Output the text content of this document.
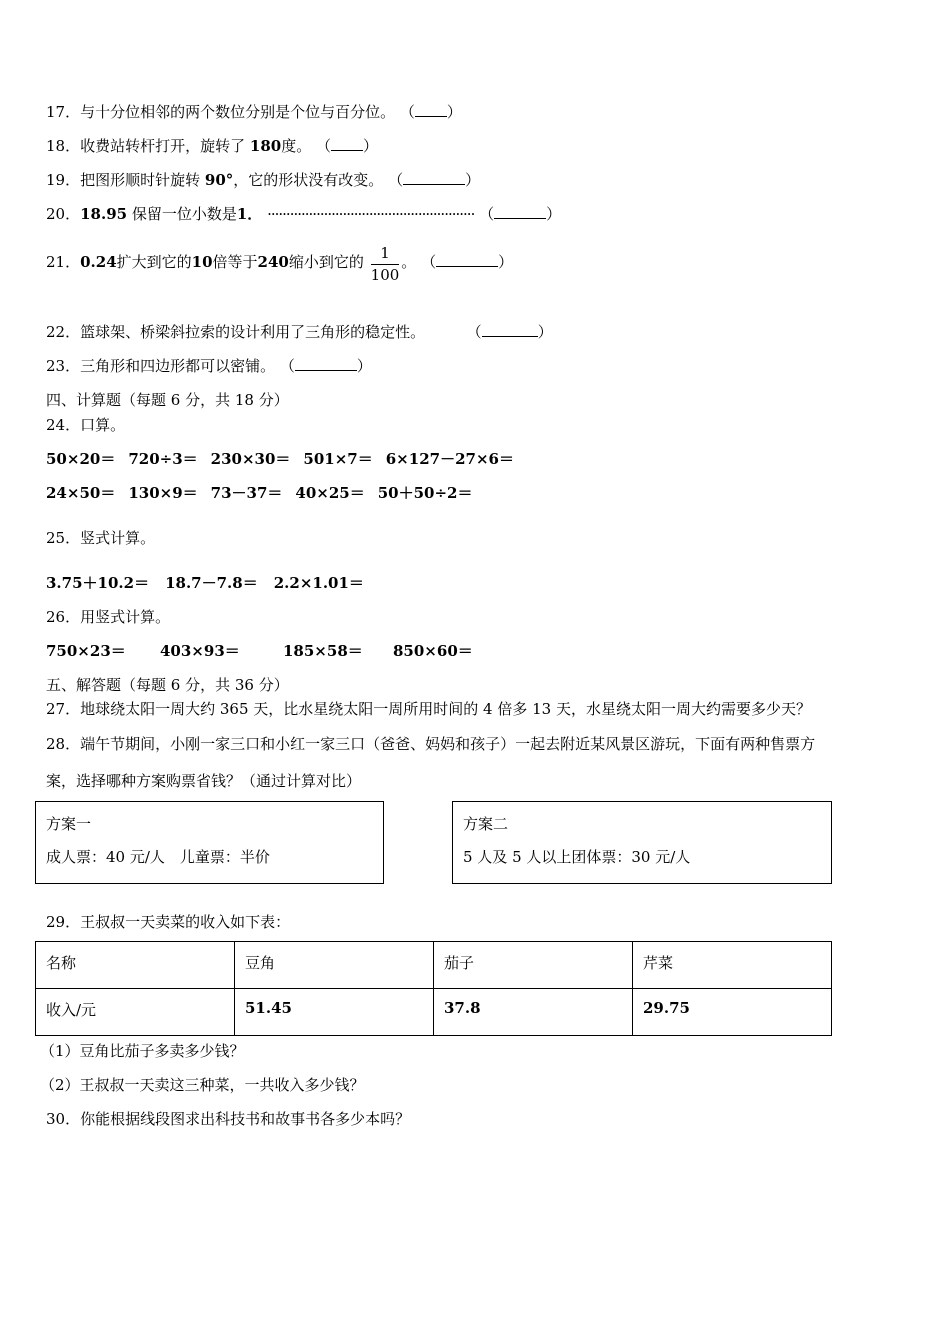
17．与十分位相邻的两个数位分别是个位与百分位。 （ ）
18．收费站转杆打开，旋转了 180度。 （ ）
19．把图形顺时针旋转 90°，它的形状没有改变。 （	）
20．18.95 保留一位小数是1． ······················································· （	）
21．0.24扩大到它的10倍等于240缩小到它的 $\frac{1}{100}$ 。 （	）
22．篮球架、桥梁斜拉索的设计利用了三角形的稳定性。	（	）
23．三角形和四边形都可以密铺。 （	）
四、计算题（每题 6 分，共 18 分）
24．口算。
50×20＝ 720÷3＝ 230×30＝ 501×7＝ 6×127－27×6＝
24×50＝ 130×9＝ 73－37＝ 40×25＝ 50＋50÷2＝
25．竖式计算。
3.75＋10.2＝ 18.7－7.8＝ 2.2×1.01＝
26．用竖式计算。
750×23＝ 403×93＝	185×58＝ 850×60＝
五、解答题（每题 6 分，共 36 分）
27．地球绕太阳一周大约 365 天，比水星绕太阳一周所用时间的 4 倍多 13 天，水星绕太阳一周大约需要多少天？
28．端午节期间，小刚一家三口和小红一家三口（爸爸、妈妈和孩子）一起去附近某风景区游玩，下面有两种售票方
案，选择哪种方案购票省钱？（通过计算对比）
方案一
成人票：40 元/人　儿童票：半价
方案二
5 人及 5 人以上团体票：30 元/人
29．王叔叔一天卖菜的收入如下表：
名称	豆角	茄子	芹菜

收入/元	51.45	37.8	29.75
（1）豆角比茄子多卖多少钱？
（2）王叔叔一天卖这三种菜，一共收入多少钱？
30．你能根据线段图求出科技书和故事书各多少本吗？
